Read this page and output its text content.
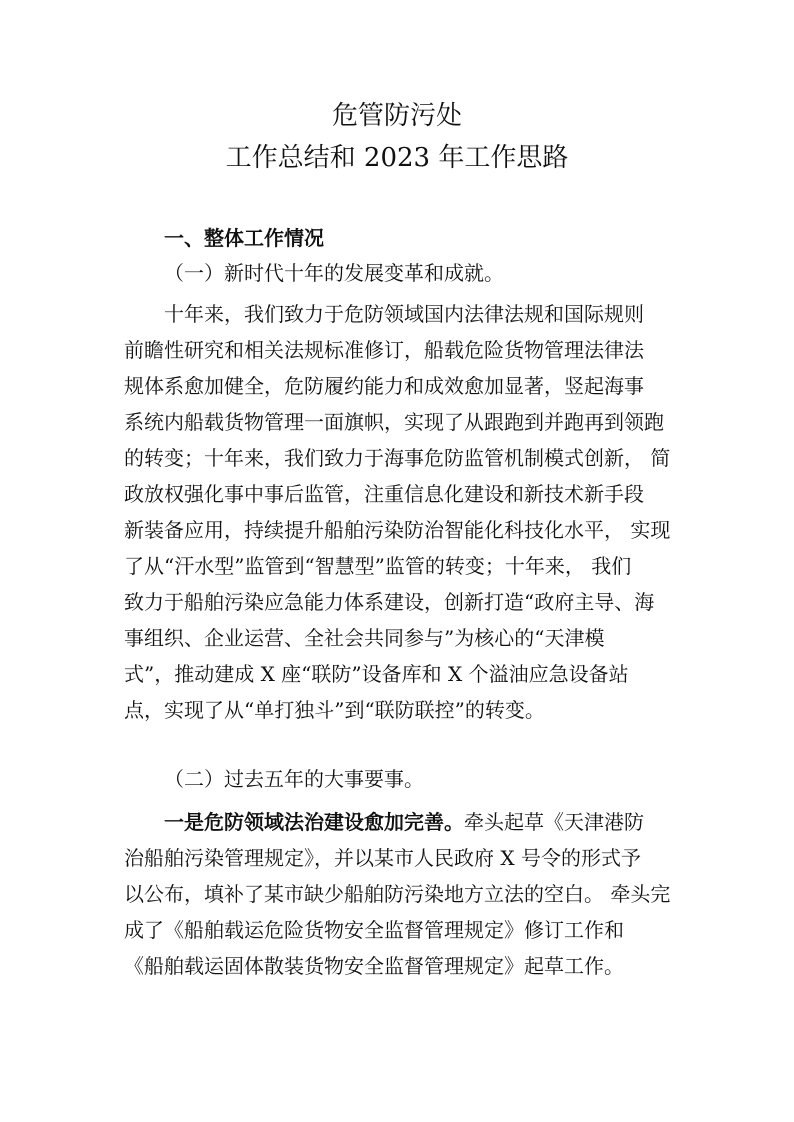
危管防污处
工作总结和 2023 年工作思路
一、整体工作情况

（一）新时代十年的发展变革和成就。

十年来，我们致力于危防领域国内法律法规和国际规则
前瞻性研究和相关法规标准修订，船载危险货物管理法律法
规体系愈加健全，危防履约能力和成效愈加显著，竖起海事
系统内船载货物管理一面旗帜，实现了从跟跑到并跑再到领跑
的转变；十年来，我们致力于海事危防监管机制模式创新， 简
政放权强化事中事后监管，注重信息化建设和新技术新手段
新装备应用，持续提升船舶污染防治智能化科技化水平， 实现
了从“汗水型”监管到“智慧型”监管的转变；十年来， 我们
致力于船舶污染应急能力体系建设，创新打造“政府主导、海
事组织、企业运营、全社会共同参与”为核心的“天津模
式”，推动建成 X 座“联防”设备库和 X 个溢油应急设备站
点，实现了从“单打独斗”到“联防联控”的转变。

（二）过去五年的大事要事。

一是危防领域法治建设愈加完善。牵头起草《天津港防
治船舶污染管理规定》，并以某市人民政府 X 号令的形式予
以公布，填补了某市缺少船舶防污染地方立法的空白。 牵头完
成了《船舶载运危险货物安全监督管理规定》修订工作和
《船舶载运固体散装货物安全监督管理规定》起草工作。
